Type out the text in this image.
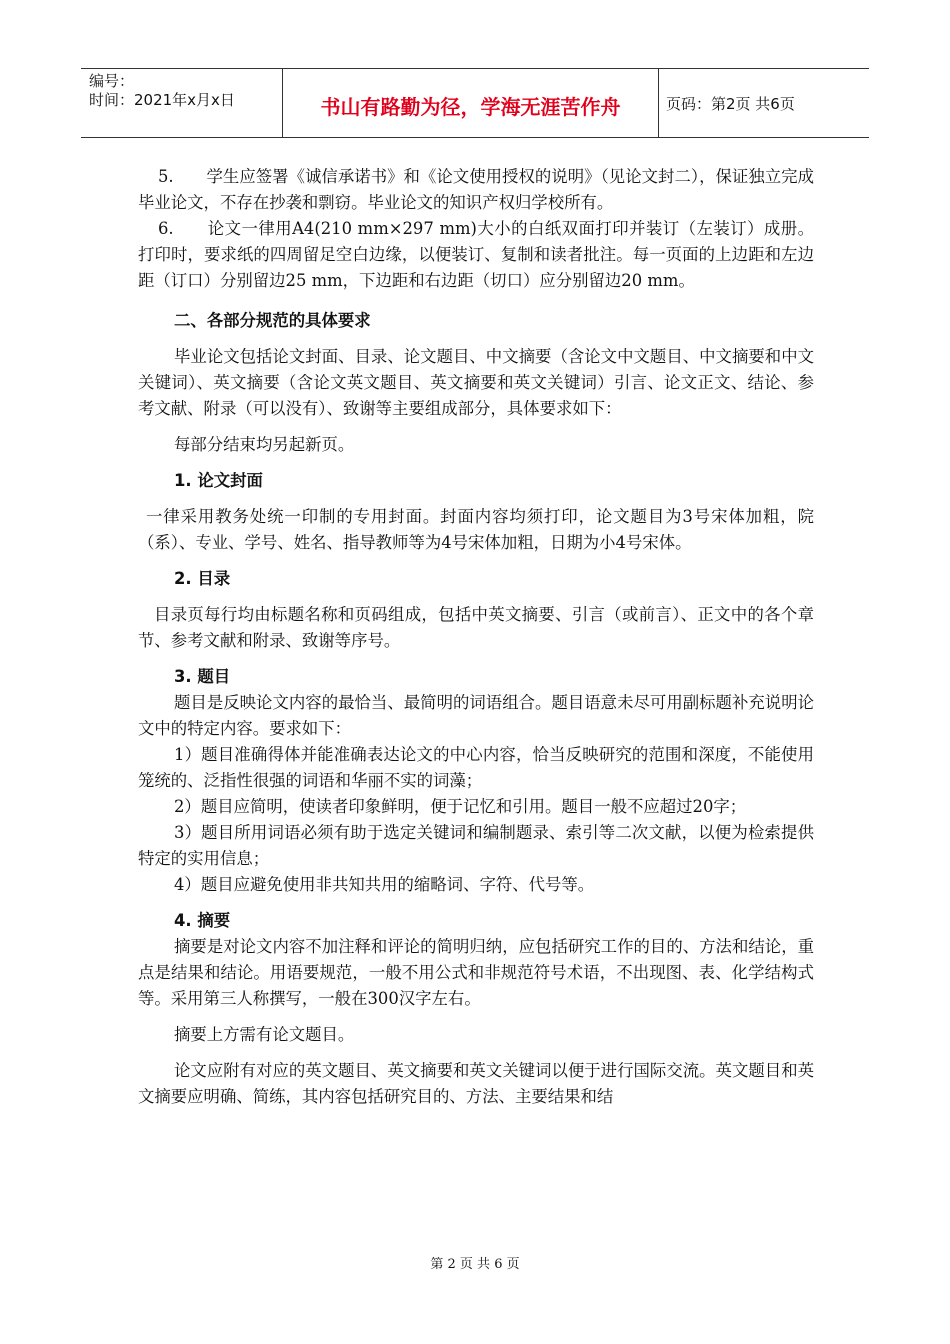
编号：
时间：2021年x月x日	书山有路勤为径，学海无涯苦作舟	页码：第2页 共6页

5.　　学生应签署《诚信承诺书》和《论文使用授权的说明》（见论文封二），保证独立完成毕业论文，不存在抄袭和剽窃。毕业论文的知识产权归学校所有。

6.　　论文一律用A4(210 mm×297 mm)大小的白纸双面打印并装订（左装订）成册。打印时，要求纸的四周留足空白边缘，以便装订、复制和读者批注。每一页面的上边距和左边距（订口）分别留边25 mm，下边距和右边距（切口）应分别留边20 mm。

二、各部分规范的具体要求

毕业论文包括论文封面、目录、论文题目、中文摘要（含论文中文题目、中文摘要和中文关键词）、英文摘要（含论文英文题目、英文摘要和英文关键词）引言、论文正文、结论、参考文献、附录（可以没有）、致谢等主要组成部分，具体要求如下：

每部分结束均另起新页。

1. 论文封面

一律采用教务处统一印制的专用封面。封面内容均须打印，论文题目为3号宋体加粗，院（系）、专业、学号、姓名、指导教师等为4号宋体加粗，日期为小4号宋体。

2. 目录

目录页每行均由标题名称和页码组成，包括中英文摘要、引言（或前言）、正文中的各个章节、参考文献和附录、致谢等序号。

3. 题目

题目是反映论文内容的最恰当、最简明的词语组合。题目语意未尽可用副标题补充说明论文中的特定内容。要求如下：

1）题目准确得体并能准确表达论文的中心内容，恰当反映研究的范围和深度，不能使用笼统的、泛指性很强的词语和华丽不实的词藻；

2）题目应简明，使读者印象鲜明，便于记忆和引用。题目一般不应超过20字；

3）题目所用词语必须有助于选定关键词和编制题录、索引等二次文献，以便为检索提供特定的实用信息；

4）题目应避免使用非共知共用的缩略词、字符、代号等。

4. 摘要

摘要是对论文内容不加注释和评论的简明归纳，应包括研究工作的目的、方法和结论，重点是结果和结论。用语要规范，一般不用公式和非规范符号术语，不出现图、表、化学结构式等。采用第三人称撰写，一般在300汉字左右。

摘要上方需有论文题目。

论文应附有对应的英文题目、英文摘要和英文关键词以便于进行国际交流。英文题目和英文摘要应明确、简练，其内容包括研究目的、方法、主要结果和结

第 2 页 共 6 页
